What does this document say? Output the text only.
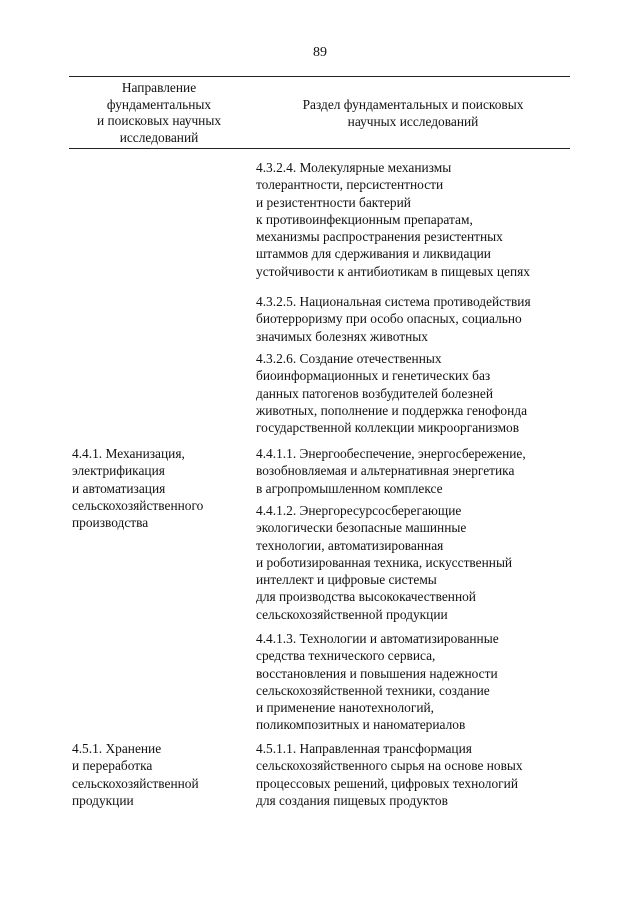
89
Направление
фундаментальных
и поисковых научных
исследований
Раздел фундаментальных и поисковых
научных исследований
4.3.2.4. Молекулярные механизмы
толерантности, персистентности
и резистентности бактерий
к противоинфекционным препаратам,
механизмы распространения резистентных
штаммов для сдерживания и ликвидации
устойчивости к антибиотикам в пищевых цепях
4.3.2.5. Национальная система противодействия
биотерроризму при особо опасных, социально
значимых болезнях животных
4.3.2.6. Создание отечественных
биоинформационных и генетических баз
данных патогенов возбудителей болезней
животных, пополнение и поддержка генофонда
государственной коллекции микроорганизмов
4.4.1. Механизация,
электрификация
и автоматизация
сельскохозяйственного
производства
4.4.1.1. Энергообеспечение, энергосбережение,
возобновляемая и альтернативная энергетика
в агропромышленном комплексе
4.4.1.2. Энергоресурсосберегающие
экологически безопасные машинные
технологии, автоматизированная
и роботизированная техника, искусственный
интеллект и цифровые системы
для производства высококачественной
сельскохозяйственной продукции
4.4.1.3. Технологии и автоматизированные
средства технического сервиса,
восстановления и повышения надежности
сельскохозяйственной техники, создание
и применение нанотехнологий,
поликомпозитных и наноматериалов
4.5.1. Хранение
и переработка
сельскохозяйственной
продукции
4.5.1.1. Направленная трансформация
сельскохозяйственного сырья на основе новых
процессовых решений, цифровых технологий
для создания пищевых продуктов
